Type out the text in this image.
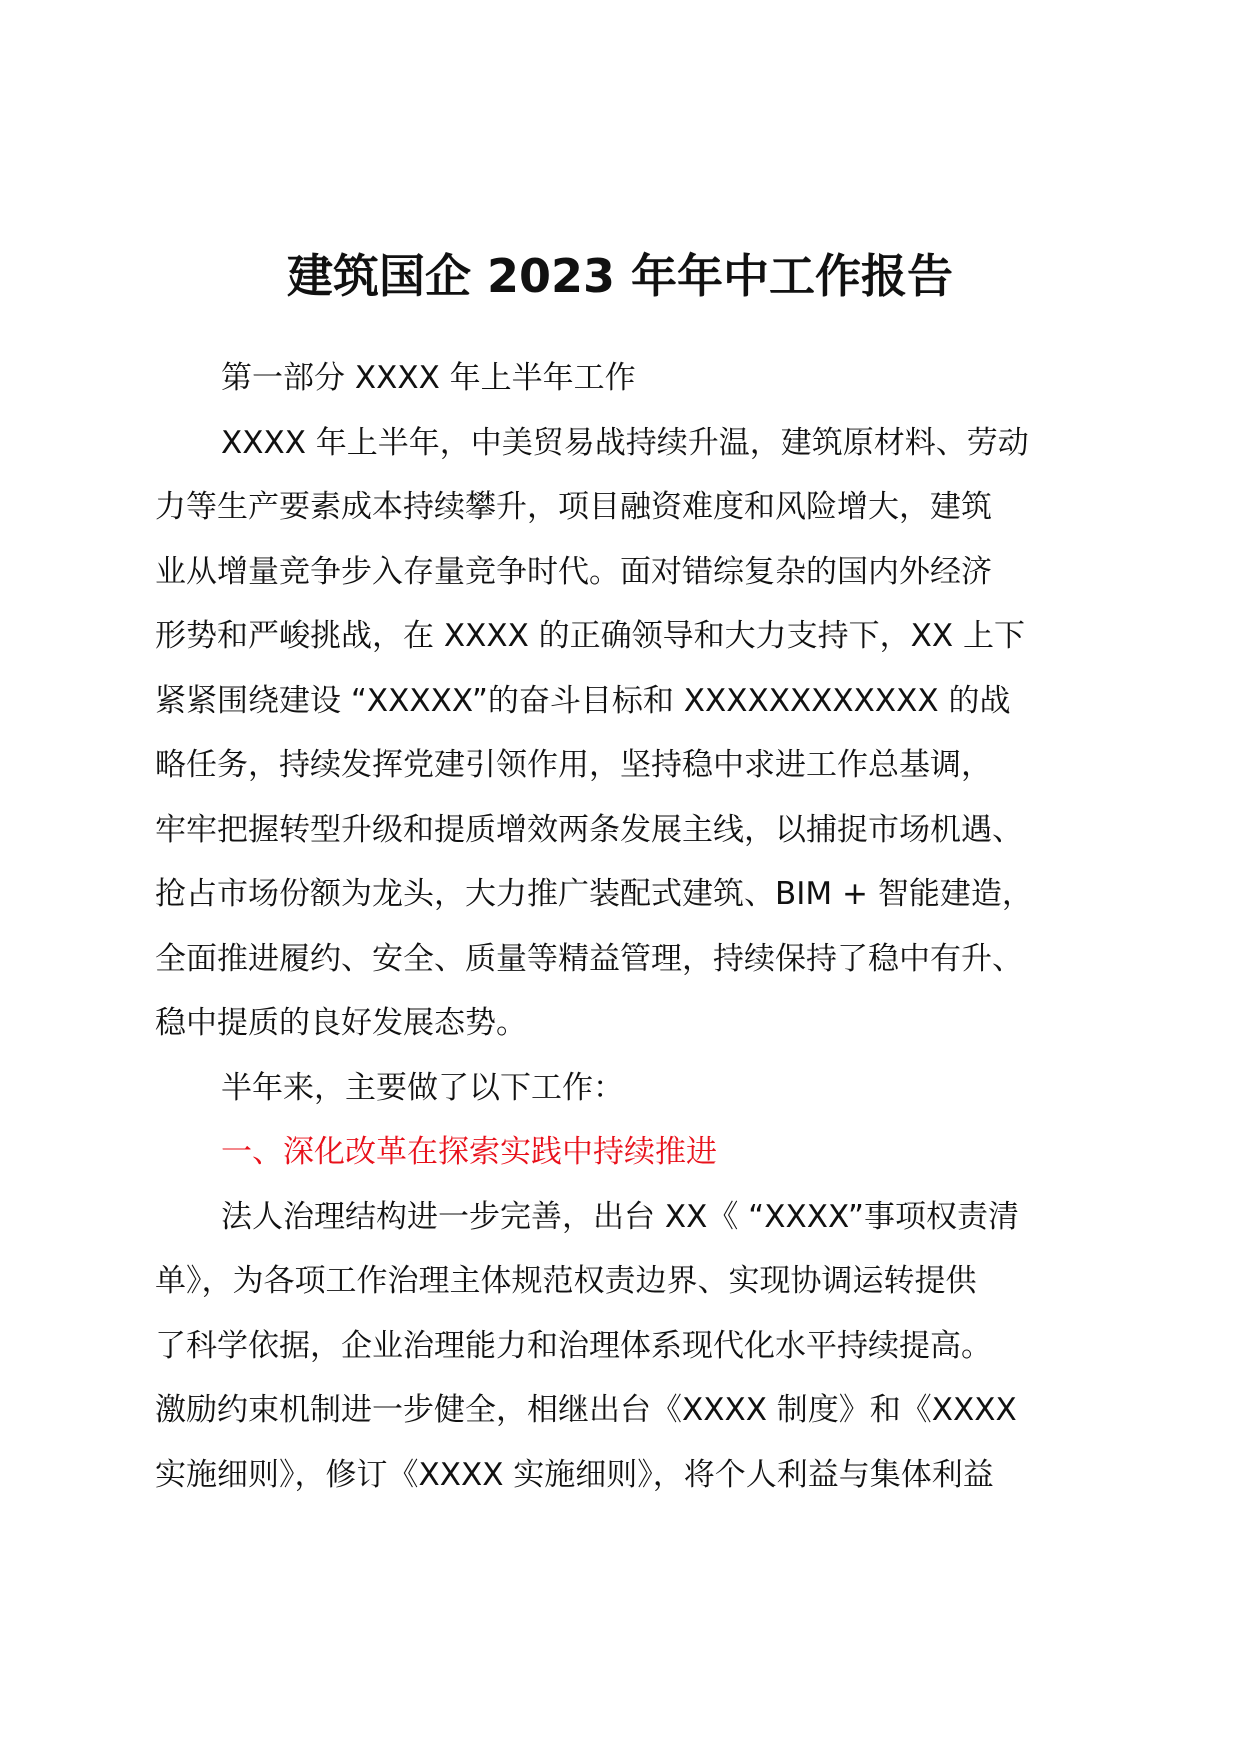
建筑国企 2023 年年中工作报告
第一部分 XXXX 年上半年工作
XXXX 年上半年，中美贸易战持续升温，建筑原材料、劳动
力等生产要素成本持续攀升，项目融资难度和风险增大，建筑
业从增量竞争步入存量竞争时代。面对错综复杂的国内外经济
形势和严峻挑战，在 XXXX 的正确领导和大力支持下，XX 上下
紧紧围绕建设 “XXXXX”的奋斗目标和 XXXXXXXXXXXX 的战
略任务，持续发挥党建引领作用，坚持稳中求进工作总基调，
牢牢把握转型升级和提质增效两条发展主线，以捕捉市场机遇、
抢占市场份额为龙头，大力推广装配式建筑、BIM + 智能建造，
全面推进履约、安全、质量等精益管理，持续保持了稳中有升、
稳中提质的良好发展态势。
半年来，主要做了以下工作：
一、深化改革在探索实践中持续推进
法人治理结构进一步完善，出台 XX《 “XXXX”事项权责清
单》，为各项工作治理主体规范权责边界、实现协调运转提供
了科学依据，企业治理能力和治理体系现代化水平持续提高。
激励约束机制进一步健全，相继出台《XXXX 制度》和《XXXX
实施细则》，修订《XXXX 实施细则》，将个人利益与集体利益
